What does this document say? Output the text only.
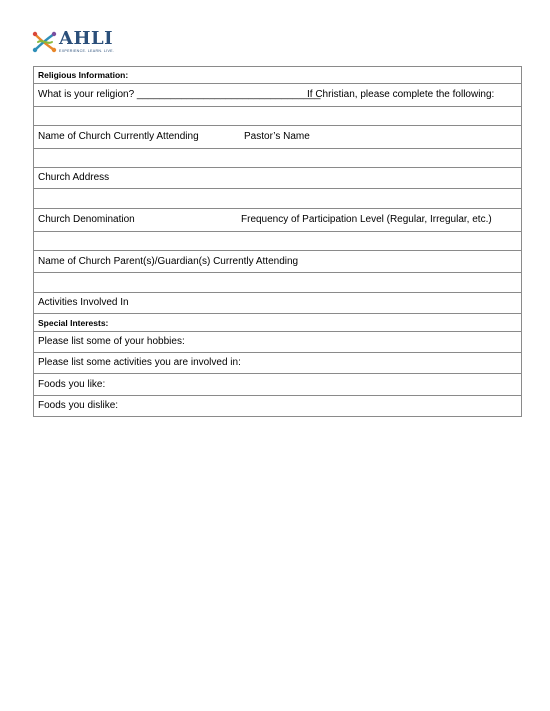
AHLI
EXPERIENCE. LEARN. LIVE.
Religious Information:
What is your religion? _________________________________
If Christian, please complete the following:
Name of Church Currently Attending	Pastor’s Name
Church Address
Church Denomination	Frequency of Participation Level (Regular, Irregular, etc.)
Name of Church Parent(s)/Guardian(s) Currently Attending
Activities Involved In
Special Interests:
Please list some of your hobbies:
Please list some activities you are involved in:
Foods you like:
Foods you dislike:
